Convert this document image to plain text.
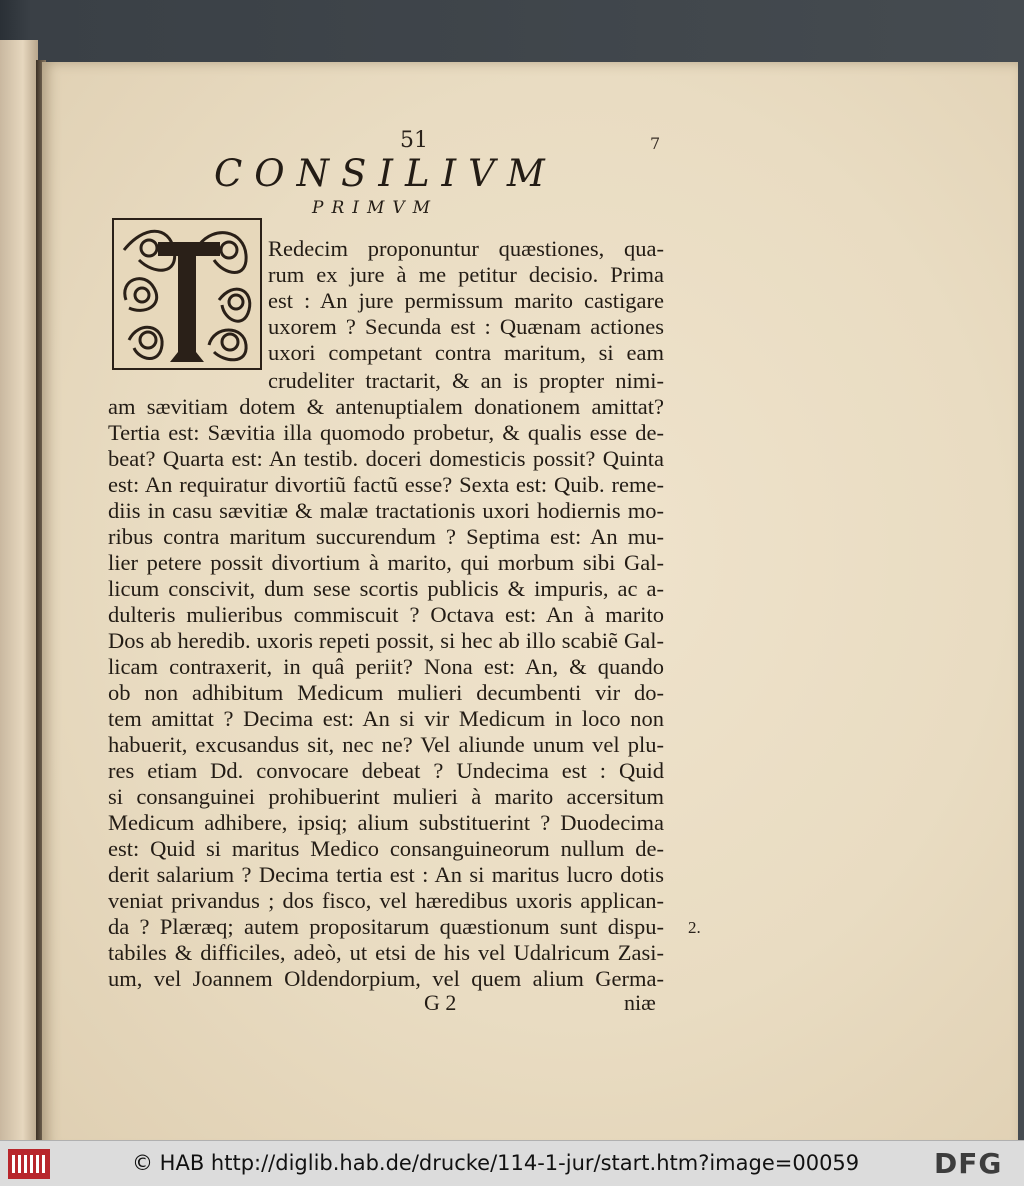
51	7
CONSILIVM
PRIMVM
Redecim proponuntur quæstiones, qua-
rum ex jure à me petitur decisio. Prima
est : An jure permissum marito castigare
uxorem ? Secunda est : Quænam actiones
uxori competant contra maritum, si eam
crudeliter tractarit, & an is propter nimi-
am sævitiam dotem & antenuptialem donationem amittat?
Tertia est: Sævitia illa quomodo probetur, & qualis esse de-
beat? Quarta est: An testib. doceri domesticis possit? Quinta
est: An requiratur divortiũ factũ esse? Sexta est: Quib. reme-
diis in casu sævitiæ & malæ tractationis uxori hodiernis mo-
ribus contra maritum succurendum ? Septima est: An mu-
lier petere possit divortium à marito, qui morbum sibi Gal-
licum conscivit, dum sese scortis publicis & impuris, ac a-
dulteris mulieribus commiscuit ? Octava est: An à marito
Dos ab heredib. uxoris repeti possit, si hec ab illo scabiẽ Gal-
licam contraxerit, in quâ periit? Nona est: An, & quando
ob non adhibitum Medicum mulieri decumbenti vir do-
tem amittat ? Decima est: An si vir Medicum in loco non
habuerit, excusandus sit, nec ne? Vel aliunde unum vel plu-
res etiam Dd. convocare debeat ? Undecima est : Quid
si consanguinei prohibuerint mulieri à marito accersitum
Medicum adhibere, ipsiq; alium substituerint ? Duodecima
est: Quid si maritus Medico consanguineorum nullum de-
derit salarium ? Decima tertia est : An si maritus lucro dotis
veniat privandus ; dos fisco, vel hæredibus uxoris applican-
da ? Plæræq; autem propositarum quæstionum sunt dispu-
tabiles & difficiles, adeò, ut etsi de his vel Udalricum Zasi-
um, vel Joannem Oldendorpium, vel quem alium Germa-
2.
G 2	niæ
© HAB http://diglib.hab.de/drucke/114-1-jur/start.htm?image=00059	DFG
